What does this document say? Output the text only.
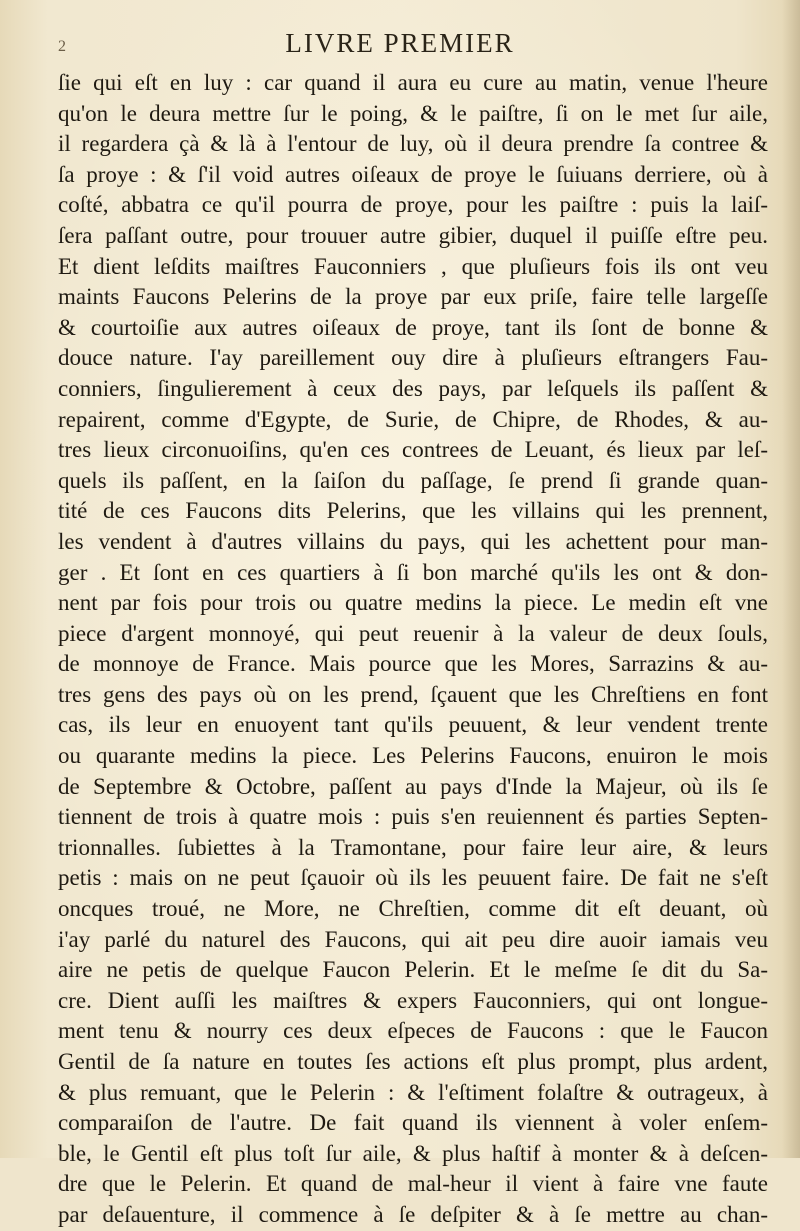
2	LIVRE PREMIER
ſie qui eſt en luy : car quand il aura eu cure au matin, venue l'heure
qu'on le deura mettre ſur le poing, & le paiſtre, ſi on le met ſur aile,
il regardera çà & là à l'entour de luy, où il deura prendre ſa contree &
ſa proye : & ſ'il void autres oiſeaux de proye le ſuiuans derriere, où à
coſté, abbatra ce qu'il pourra de proye, pour les paiſtre : puis la laiſ-
ſera paſſant outre, pour trouuer autre gibier, duquel il puiſſe eſtre peu.
Et dient leſdits maiſtres Fauconniers , que pluſieurs fois ils ont veu
maints Faucons Pelerins de la proye par eux priſe, faire telle largeſſe
& courtoiſie aux autres oiſeaux de proye, tant ils ſont de bonne &
douce nature. I'ay pareillement ouy dire à pluſieurs eſtrangers Fau-
conniers, ſingulierement à ceux des pays, par leſquels ils paſſent &
repairent, comme d'Egypte, de Surie, de Chipre, de Rhodes, & au-
tres lieux circonuoiſins, qu'en ces contrees de Leuant, és lieux par leſ-
quels ils paſſent, en la ſaiſon du paſſage, ſe prend ſi grande quan-
tité de ces Faucons dits Pelerins, que les villains qui les prennent,
les vendent à d'autres villains du pays, qui les achettent pour man-
ger . Et ſont en ces quartiers à ſi bon marché qu'ils les ont & don-
nent par fois pour trois ou quatre medins la piece. Le medin eſt vne
piece d'argent monnoyé, qui peut reuenir à la valeur de deux ſouls,
de monnoye de France. Mais pource que les Mores, Sarrazins & au-
tres gens des pays où on les prend, ſçauent que les Chreſtiens en font
cas, ils leur en enuoyent tant qu'ils peuuent, & leur vendent trente
ou quarante medins la piece. Les Pelerins Faucons, enuiron le mois
de Septembre & Octobre, paſſent au pays d'Inde la Majeur, où ils ſe
tiennent de trois à quatre mois : puis s'en reuiennent és parties Septen-
trionnalles. ſubiettes à la Tramontane, pour faire leur aire, & leurs
petis : mais on ne peut ſçauoir où ils les peuuent faire. De fait ne s'eſt
oncques troué, ne More, ne Chreſtien, comme dit eſt deuant, où
i'ay parlé du naturel des Faucons, qui ait peu dire auoir iamais veu
aire ne petis de quelque Faucon Pelerin. Et le meſme ſe dit du Sa-
cre. Dient auſſi les maiſtres & expers Fauconniers, qui ont longue-
ment tenu & nourry ces deux eſpeces de Faucons : que le Faucon
Gentil de ſa nature en toutes ſes actions eſt plus prompt, plus ardent,
& plus remuant, que le Pelerin : & l'eſtiment folaſtre & outrageux, à
comparaiſon de l'autre. De fait quand ils viennent à voler enſem-
ble, le Gentil eſt plus toſt ſur aile, & plus haſtif à monter & à deſcen-
dre que le Pelerin. Et quand de mal-heur il vient à faire vne faute
par deſauenture, il commence à ſe deſpiter & à ſe mettre au chan-
